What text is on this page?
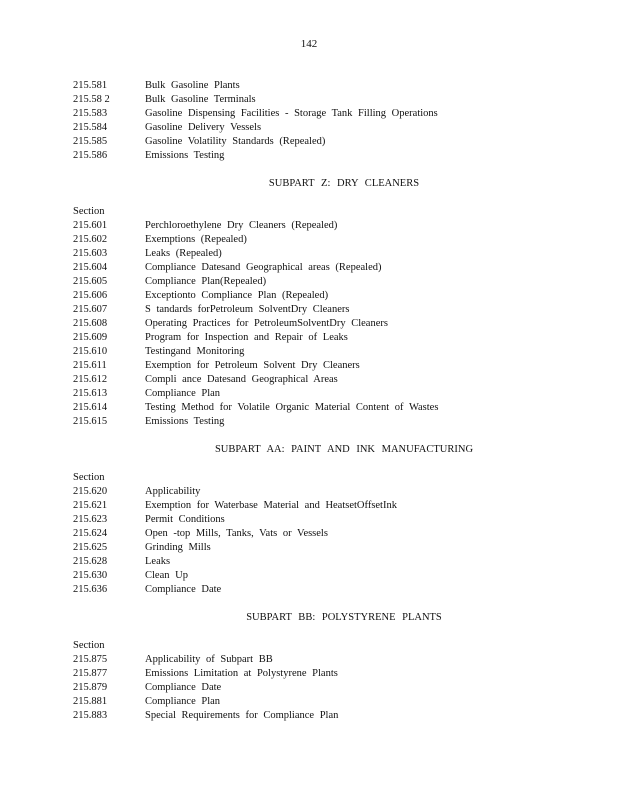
142
215.581	Bulk Gasoline Plants
215.58 2	Bulk Gasoline Terminals
215.583	Gasoline Dispensing Facilities - Storage Tank Filling Operations
215.584	Gasoline Delivery Vessels
215.585	Gasoline Volatility Standards (Repealed)
215.586	Emissions Testing
SUBPART Z: DRY CLEANERS
Section
215.601	Perchloroethylene Dry Cleaners (Repealed)
215.602	Exemptions (Repealed)
215.603	Leaks (Repealed)
215.604	Compliance Datesand Geographical areas (Repealed)
215.605	Compliance Plan(Repealed)
215.606	Exceptionto Compliance Plan (Repealed)
215.607	S tandards forPetroleum SolventDry Cleaners
215.608	Operating Practices for PetroleumSolventDry Cleaners
215.609	Program for Inspection and Repair of Leaks
215.610	Testingand Monitoring
215.611	Exemption for Petroleum Solvent Dry Cleaners
215.612	Compli ance Datesand Geographical Areas
215.613	Compliance Plan
215.614	Testing Method for Volatile Organic Material Content of Wastes
215.615	Emissions Testing
SUBPART AA: PAINT AND INK MANUFACTURING
Section
215.620	Applicability
215.621	Exemption for Waterbase Material and HeatsetOffsetInk
215.623	Permit Conditions
215.624	Open -top Mills, Tanks, Vats or Vessels
215.625	Grinding Mills
215.628	Leaks
215.630	Clean Up
215.636	Compliance Date
SUBPART BB: POLYSTYRENE PLANTS
Section
215.875	Applicability of Subpart BB
215.877	Emissions Limitation at Polystyrene Plants
215.879	Compliance Date
215.881	Compliance Plan
215.883	Special Requirements for Compliance Plan
